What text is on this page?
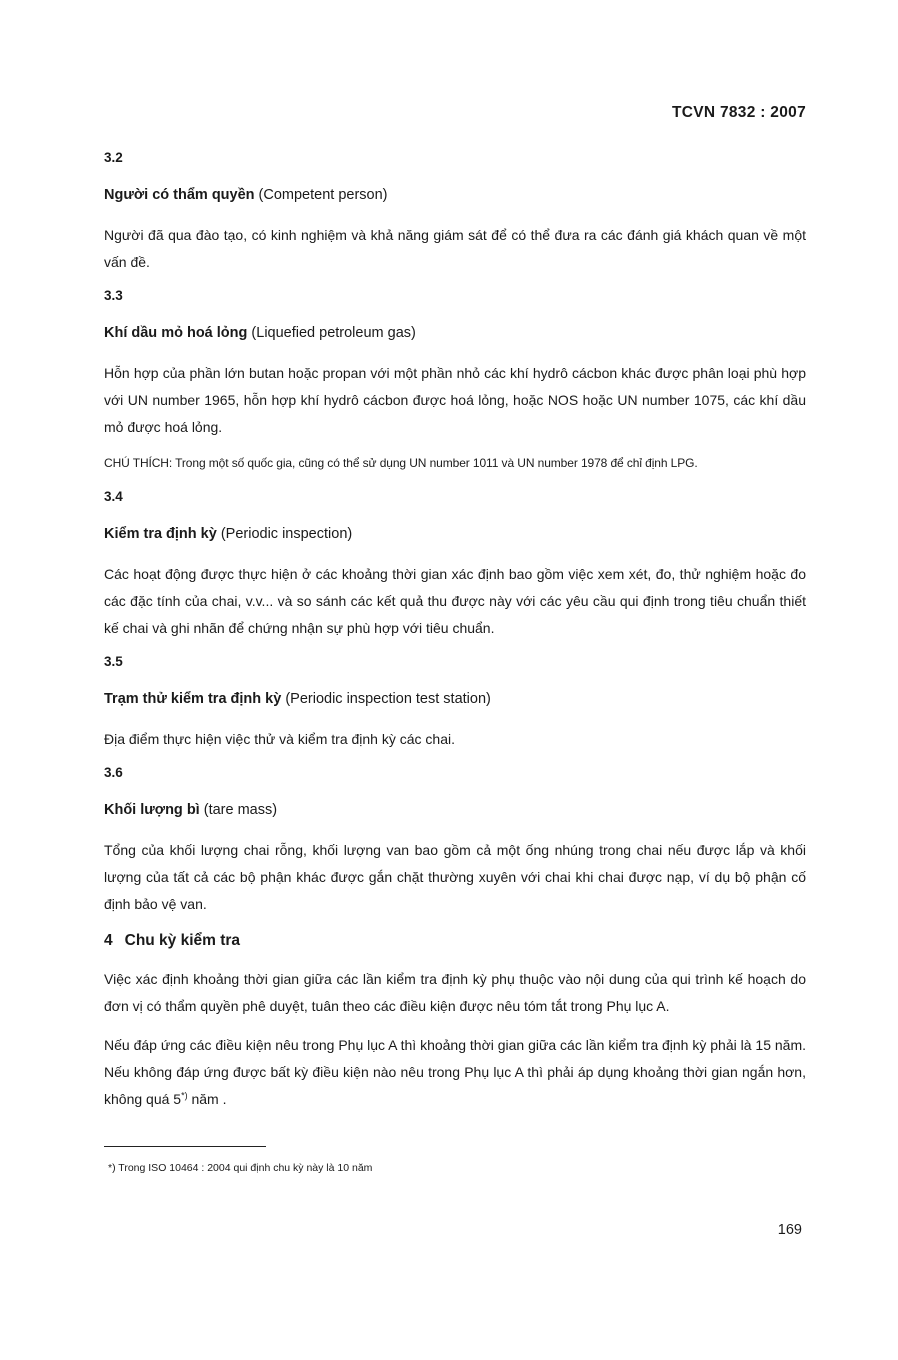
TCVN 7832 : 2007
3.2
Người có thẩm quyền (Competent person)
Người đã qua đào tạo, có kinh nghiệm và khả năng giám sát để có thể đưa ra các đánh giá khách quan về một vấn đề.
3.3
Khí dầu mỏ hoá lỏng (Liquefied petroleum gas)
Hỗn hợp của phần lớn butan hoặc propan với một phần nhỏ các khí hydrô cácbon khác được phân loại phù hợp với UN number 1965, hỗn hợp khí hydrô cácbon được hoá lỏng, hoặc NOS hoặc UN number 1075, các khí dầu mỏ được hoá lỏng.
CHÚ THÍCH: Trong một số quốc gia, cũng có thể sử dụng UN number 1011 và UN number 1978 để chỉ định LPG.
3.4
Kiểm tra định kỳ (Periodic inspection)
Các hoạt động được thực hiện ở các khoảng thời gian xác định bao gồm việc xem xét, đo, thử nghiệm hoặc đo các đặc tính của chai, v.v... và so sánh các kết quả thu được này với các yêu cầu qui định trong tiêu chuẩn thiết kế chai và ghi nhãn để chứng nhận sự phù hợp với tiêu chuẩn.
3.5
Trạm thử kiểm tra định kỳ (Periodic inspection test station)
Địa điểm thực hiện việc thử và kiểm tra định kỳ các chai.
3.6
Khối lượng bì (tare mass)
Tổng của khối lượng chai rỗng, khối lượng van bao gồm cả một ống nhúng trong chai nếu được lắp và khối lượng của tất cả các bộ phận khác được gắn chặt thường xuyên với chai khi chai được nạp, ví dụ bộ phận cố định bảo vệ van.
4 Chu kỳ kiểm tra
Việc xác định khoảng thời gian giữa các lần kiểm tra định kỳ phụ thuộc vào nội dung của qui trình kế hoạch do đơn vị có thẩm quyền phê duyệt, tuân theo các điều kiện được nêu tóm tắt trong Phụ lục A.
Nếu đáp ứng các điều kiện nêu trong Phụ lục A thì khoảng thời gian giữa các lần kiểm tra định kỳ phải là 15 năm. Nếu không đáp ứng được bất kỳ điều kiện nào nêu trong Phụ lục A thì phải áp dụng khoảng thời gian ngắn hơn, không quá 5*) năm .
*) Trong ISO 10464 : 2004 qui định chu kỳ này là 10 năm
169
